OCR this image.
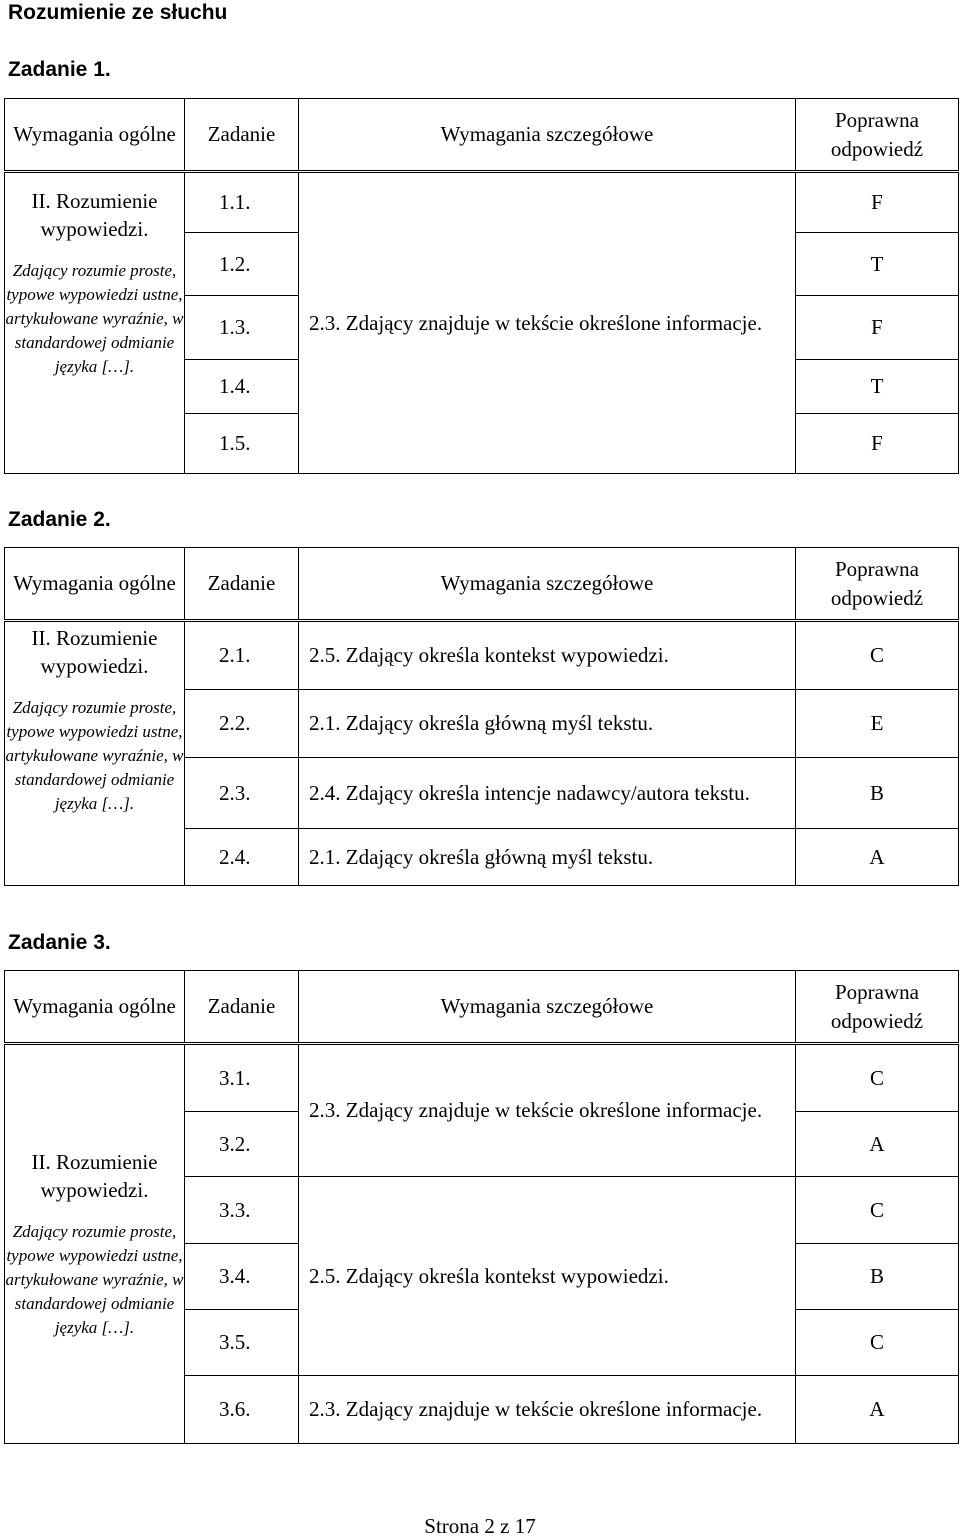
Rozumienie ze słuchu
Zadanie 1.
Wymagania ogólne	Zadanie	Wymagania szczegółowe	Poprawna odpowiedź

II. Rozumienie wypowiedzi.
Zdający rozumie proste, typowe wypowiedzi ustne, artykułowane wyraźnie, w standardowej odmianie języka […].	1.1.	2.3. Zdający znajduje w tekście określone informacje.	F
	1.2.		T
	1.3.		F
	1.4.		T
	1.5.		F
Zadanie 2.
Wymagania ogólne	Zadanie	Wymagania szczegółowe	Poprawna odpowiedź

II. Rozumienie wypowiedzi.
Zdający rozumie proste, typowe wypowiedzi ustne, artykułowane wyraźnie, w standardowej odmianie języka […].	2.1.	2.5. Zdający określa kontekst wypowiedzi.	C
	2.2.	2.1. Zdający określa główną myśl tekstu.	E
	2.3.	2.4. Zdający określa intencje nadawcy/autora tekstu.	B
	2.4.	2.1. Zdający określa główną myśl tekstu.	A
Zadanie 3.
Wymagania ogólne	Zadanie	Wymagania szczegółowe	Poprawna odpowiedź

II. Rozumienie wypowiedzi.
Zdający rozumie proste, typowe wypowiedzi ustne, artykułowane wyraźnie, w standardowej odmianie języka […].	3.1.	2.3. Zdający znajduje w tekście określone informacje.	C
	3.2.		A
	3.3.	2.5. Zdający określa kontekst wypowiedzi.	C
	3.4.		B
	3.5.		C
	3.6.	2.3. Zdający znajduje w tekście określone informacje.	A
Strona 2 z 17
